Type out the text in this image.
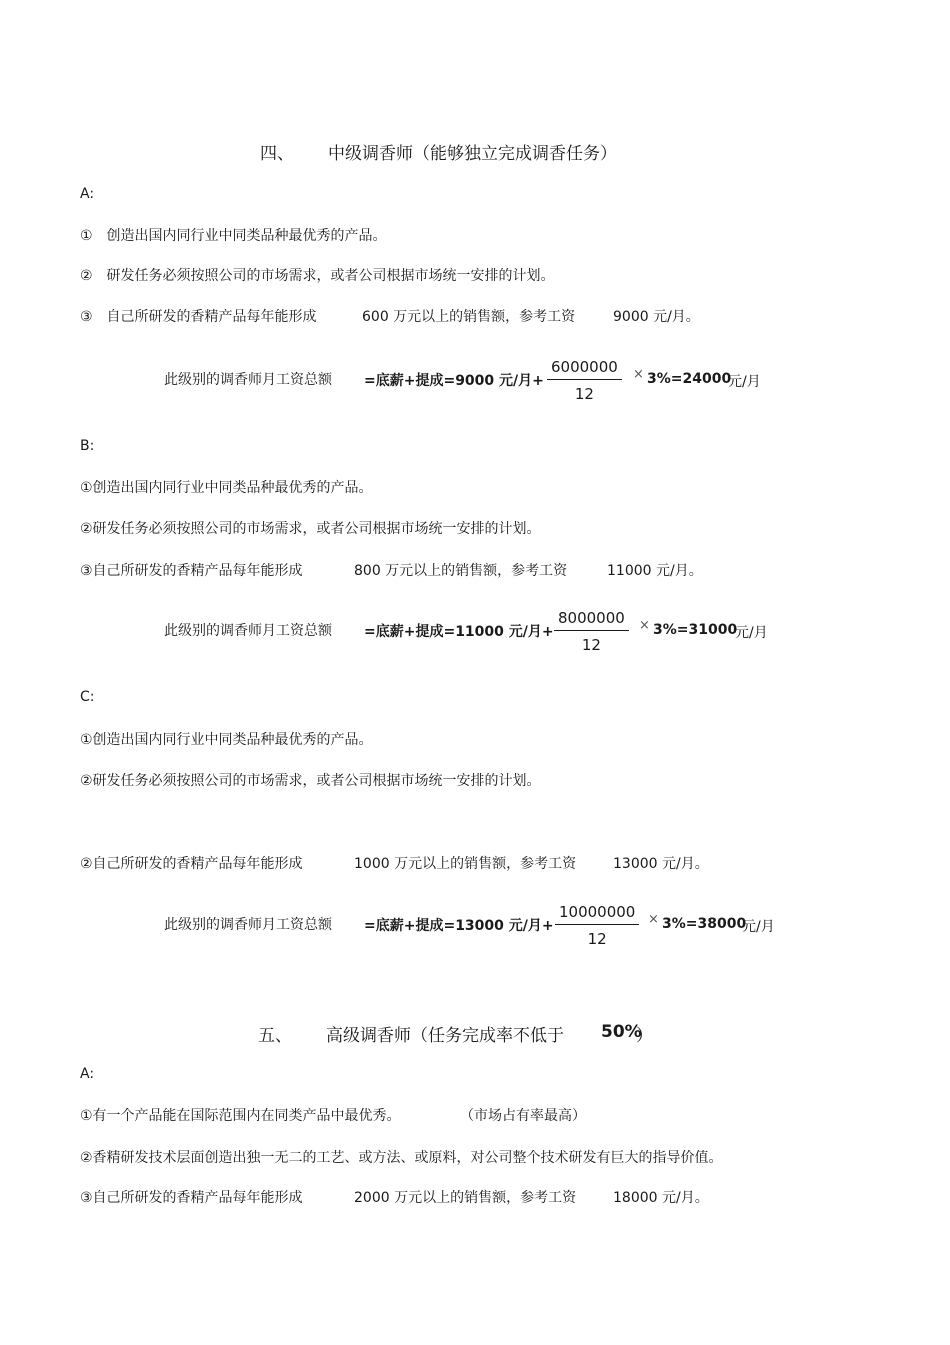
四、 中级调香师（能够独立完成调香任务）
A:
①　创造出国内同行业中同类品种最优秀的产品。
②　研发任务必须按照公司的市场需求，或者公司根据市场统一安排的计划。
③　自己所研发的香精产品每年能形成	600 万元以上的销售额，参考工资	9000 元/月。
此级别的调香师月工资总额 =底薪+提成=9000 元/月+ $\frac{6000000}{12} \times 3\%=24000$
元/月
B:
①创造出国内同行业中同类品种最优秀的产品。
②研发任务必须按照公司的市场需求，或者公司根据市场统一安排的计划。
③自己所研发的香精产品每年能形成	800 万元以上的销售额，参考工资	11000 元/月。
此级别的调香师月工资总额 =底薪+提成=11000 元/月+ $\frac{8000000}{12} \times 3\%=31000$
元/月
C:
①创造出国内同行业中同类品种最优秀的产品。
②研发任务必须按照公司的市场需求，或者公司根据市场统一安排的计划。
②自己所研发的香精产品每年能形成	1000 万元以上的销售额，参考工资	13000 元/月。
此级别的调香师月工资总额 =底薪+提成=13000 元/月+ $\frac{10000000}{12} \times 3\%=38000$
元/月
五、 高级调香师（任务完成率不低于 50%
）
A:
①有一个产品能在国际范围内在同类产品中最优秀。	（市场占有率最高）
②香精研发技术层面创造出独一无二的工艺、或方法、或原料，对公司整个技术研发有巨大的指导价值。
③自己所研发的香精产品每年能形成	2000 万元以上的销售额，参考工资	18000 元/月。
